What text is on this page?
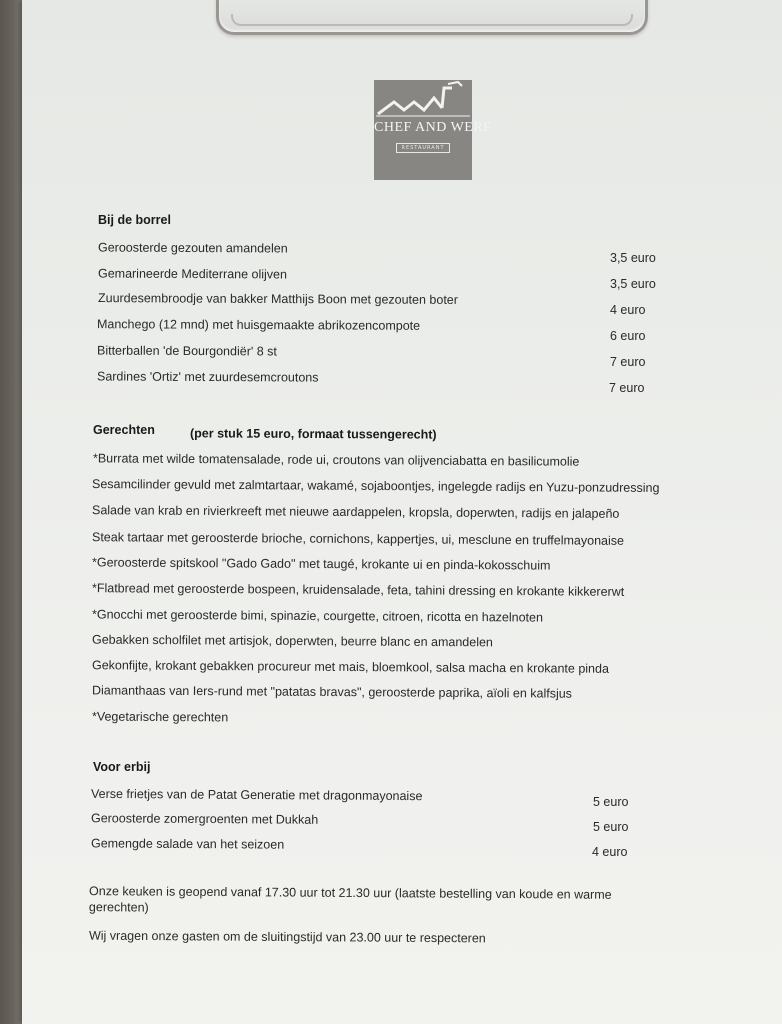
CHEF AND WERF
RESTAURANT
Bij de borrel
Geroosterde gezouten amandelen
3,5 euro
Gemarineerde Mediterrane olijven
3,5 euro
Zuurdesembroodje van bakker Matthijs Boon met gezouten boter
4 euro
Manchego (12 mnd) met huisgemaakte abrikozencompote
6 euro
Bitterballen 'de Bourgondiër' 8 st
7 euro
Sardines 'Ortiz' met zuurdesemcroutons
7 euro
Gerechten	(per stuk 15 euro, formaat tussengerecht)
*Burrata met wilde tomatensalade, rode ui, croutons van olijvenciabatta en basilicumolie
Sesamcilinder gevuld met zalmtartaar, wakamé, sojaboontjes, ingelegde radijs en Yuzu-ponzudressing
Salade van krab en rivierkreeft met nieuwe aardappelen, kropsla, doperwten, radijs en jalapeño
Steak tartaar met geroosterde brioche, cornichons, kappertjes, ui, mesclune en truffelmayonaise
*Geroosterde spitskool "Gado Gado" met taugé, krokante ui en pinda-kokosschuim
*Flatbread met geroosterde bospeen, kruidensalade, feta, tahini dressing en krokante kikkererwt
*Gnocchi met geroosterde bimi, spinazie, courgette, citroen, ricotta en hazelnoten
Gebakken scholfilet met artisjok, doperwten, beurre blanc en amandelen
Gekonfijte, krokant gebakken procureur met mais, bloemkool, salsa macha en krokante pinda
Diamanthaas van Iers-rund met "patatas bravas", geroosterde paprika, aïoli en kalfsjus
*Vegetarische gerechten
Voor erbij
Verse frietjes van de Patat Generatie met dragonmayonaise	5 euro
Geroosterde zomergroenten met Dukkah
5 euro
Gemengde salade van het seizoen
4 euro
Onze keuken is geopend vanaf 17.30 uur tot 21.30 uur (laatste bestelling van koude en warme gerechten)
Wij vragen onze gasten om de sluitingstijd van 23.00 uur te respecteren
